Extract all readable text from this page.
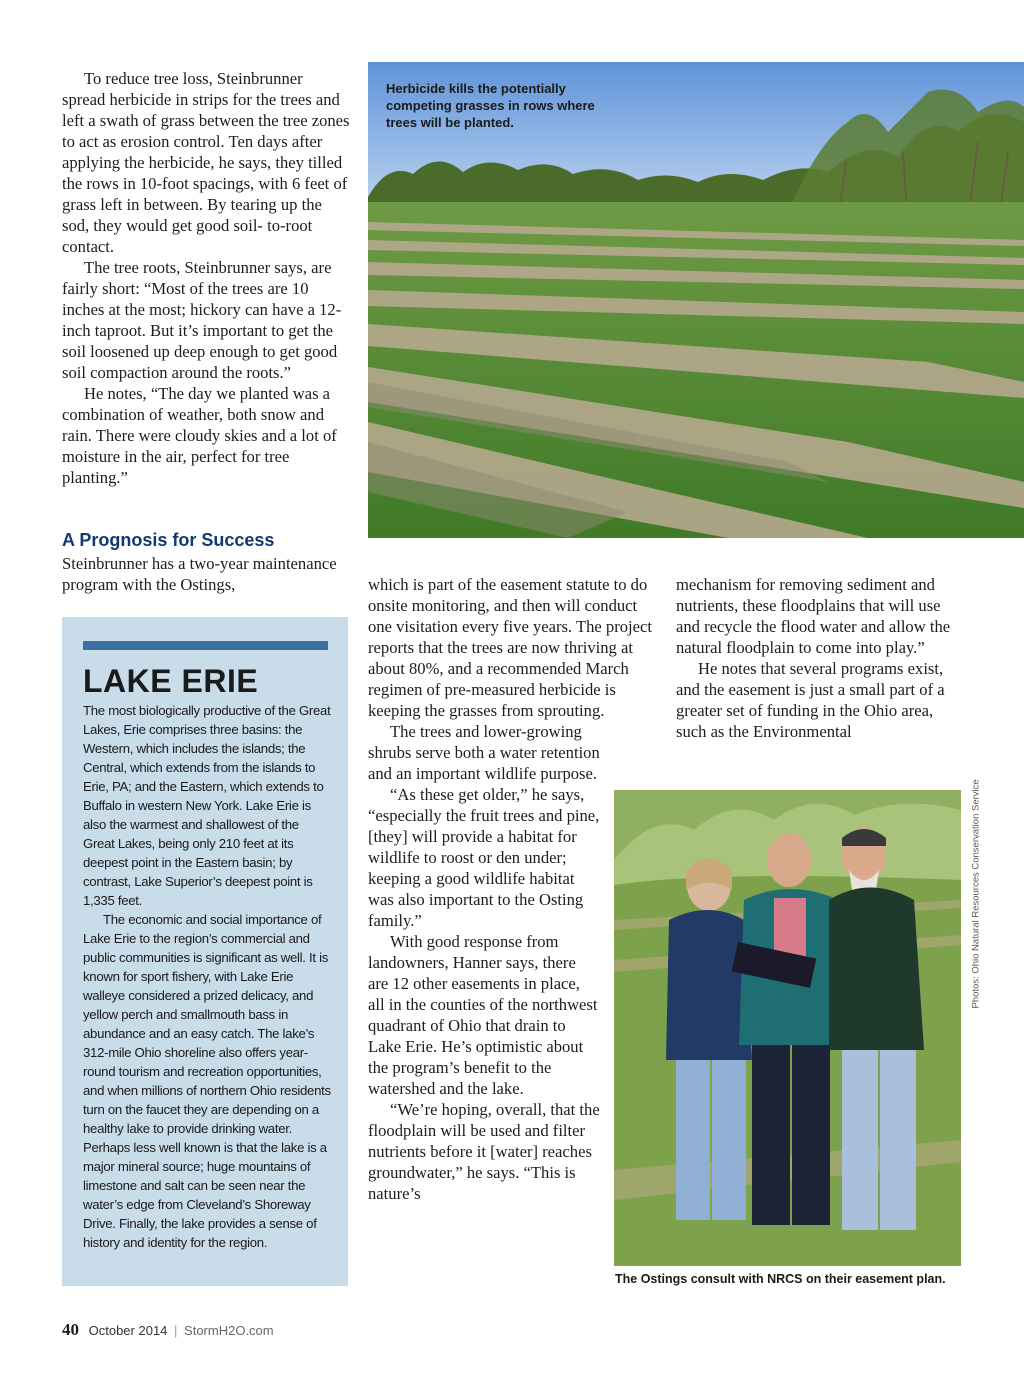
To reduce tree loss, Steinbrunner spread herbicide in strips for the trees and left a swath of grass between the tree zones to act as erosion control. Ten days after applying the herbicide, he says, they tilled the rows in 10-foot spacings, with 6 feet of grass left in between. By tearing up the sod, they would get good soil- to-root contact.

The tree roots, Steinbrunner says, are fairly short: “Most of the trees are 10 inches at the most; hickory can have a 12-inch taproot. But it’s important to get the soil loosened up deep enough to get good soil compaction around the roots.”

He notes, “The day we planted was a combination of weather, both snow and rain. There were cloudy skies and a lot of moisture in the air, perfect for tree planting.”

A Prognosis for Success

Steinbrunner has a two-year maintenance program with the Ostings,

Herbicide kills the potentially competing grasses in rows where trees will be planted.

which is part of the easement statute to do onsite monitoring, and then will conduct one visitation every five years. The project reports that the trees are now thriving at about 80%, and a recommended March regimen of pre-measured herbicide is keeping the grasses from sprouting.

The trees and lower-growing shrubs serve both a water retention and an important wildlife purpose.

“As these get older,” he says, “especially the fruit trees and pine, [they] will provide a habitat for wildlife to roost or den under; keeping a good wildlife habitat was also important to the Osting family.”

With good response from landowners, Hanner says, there are 12 other easements in place, all in the counties of the northwest quadrant of Ohio that drain to Lake Erie. He’s optimistic about the program’s benefit to the watershed and the lake.

“We’re hoping, overall, that the floodplain will be used and filter nutrients before it [water] reaches groundwater,” he says. “This is nature’s

mechanism for removing sediment and nutrients, these floodplains that will use and recycle the flood water and allow the natural floodplain to come into play.”

He notes that several programs exist, and the easement is just a small part of a greater set of funding in the Ohio area, such as the Environmental

LAKE ERIE

The most biologically productive of the Great Lakes, Erie comprises three basins: the Western, which includes the islands; the Central, which extends from the islands to Erie, PA; and the Eastern, which extends to Buffalo in western New York. Lake Erie is also the warmest and shallowest of the Great Lakes, being only 210 feet at its deepest point in the Eastern basin; by contrast, Lake Superior’s deepest point is 1,335 feet.

The economic and social importance of Lake Erie to the region’s commercial and public communities is significant as well. It is known for sport fishery, with Lake Erie walleye considered a prized delicacy, and yellow perch and smallmouth bass in abundance and an easy catch. The lake’s 312-mile Ohio shoreline also offers year-round tourism and recreation opportunities, and when millions of northern Ohio residents turn on the faucet they are depending on a healthy lake to provide drinking water. Perhaps less well known is that the lake is a major mineral source; huge mountains of limestone and salt can be seen near the water’s edge from Cleveland’s Shoreway Drive. Finally, the lake provides a sense of history and identity for the region.

Photos: Ohio Natural Resources Conservation Service
The Ostings consult with NRCS on their easement plan.
40 October 2014 | StormH2O.com
